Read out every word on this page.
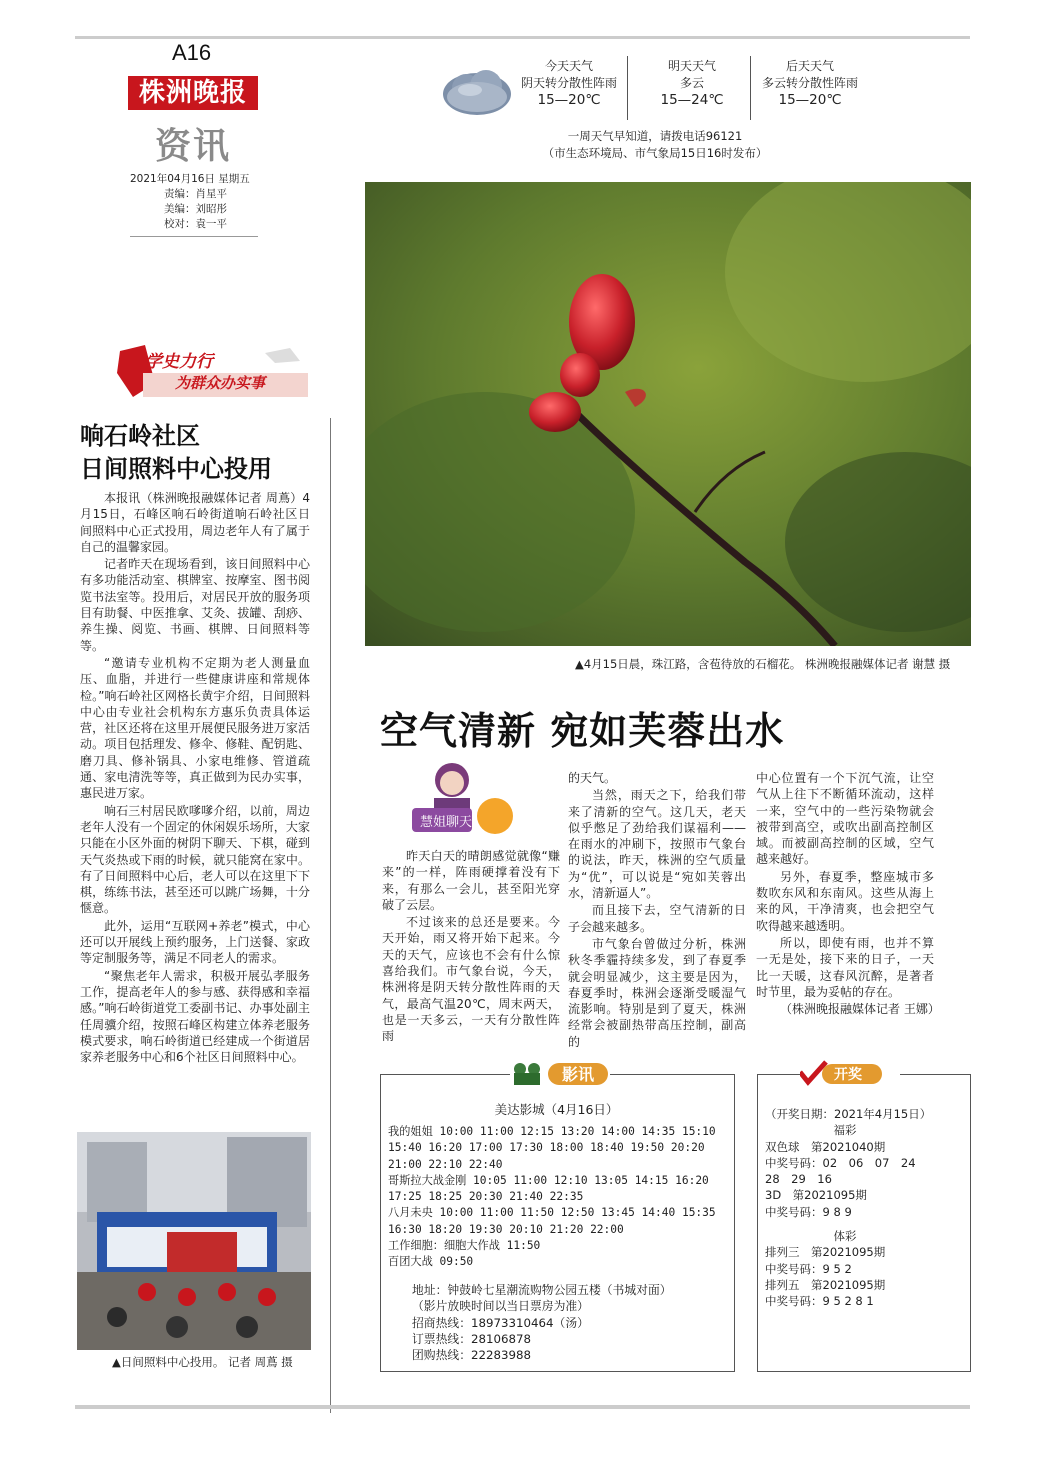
A16
株洲晚报
资讯
2021年04月16日 星期五
责编：肖星平
美编：刘昭彤
校对：袁一平
今天天气
阴天转分散性阵雨
15—20℃
明天天气
多云
15—24℃
后天天气
多云转分散性阵雨
15—20℃
一周天气早知道，请拨电话96121
（市生态环境局、市气象局15日16时发布）
▲4月15日晨，珠江路，含苞待放的石榴花。 株洲晚报融媒体记者 谢慧 摄
空气清新 宛如芙蓉出水
学史力行
为群众办实事
响石岭社区
日间照料中心投用

本报讯（株洲晚报融媒体记者 周蔦）4月15日，石峰区响石岭街道响石岭社区日间照料中心正式投用，周边老年人有了属于自己的温馨家园。

记者昨天在现场看到，该日间照料中心有多功能活动室、棋牌室、按摩室、图书阅览书法室等。投用后，对居民开放的服务项目有助餐、中医推拿、艾灸、拔罐、刮痧、养生操、阅览、书画、棋牌、日间照料等等。

“邀请专业机构不定期为老人测量血压、血脂，并进行一些健康讲座和常规体检。”响石岭社区网格长黄宇介绍，日间照料中心由专业社会机构东方惠乐负责具体运营，社区还将在这里开展便民服务进万家活动。项目包括理发、修伞、修鞋、配钥匙、磨刀具、修补锅具、小家电维修、管道疏通、家电清洗等等，真正做到为民办实事，惠民进万家。

响石三村居民欧嗲嗲介绍，以前，周边老年人没有一个固定的休闲娱乐场所，大家只能在小区外面的树阴下聊天、下棋，碰到天气炎热或下雨的时候，就只能窝在家中。有了日间照料中心后，老人可以在这里下下棋，练练书法，甚至还可以跳广场舞，十分惬意。

此外，运用“互联网+养老”模式，中心还可以开展线上预约服务，上门送餐、家政等定制服务等，满足不同老人的需求。

“聚焦老年人需求，积极开展弘孝服务工作，提高老年人的参与感、获得感和幸福感。”响石岭街道党工委副书记、办事处副主任周骥介绍，按照石峰区构建立体养老服务模式要求，响石岭街道已经建成一个街道居家养老服务中心和6个社区日间照料中心。

▲日间照料中心投用。 记者 周蔦 摄
慧姐聊天

昨天白天的晴朗感觉就像“赚来”的一样，阵雨硬撑着没有下来，有那么一会儿，甚至阳光穿破了云层。

不过该来的总还是要来。今天开始，雨又将开始下起来。今天的天气，应该也不会有什么惊喜给我们。市气象台说，今天，株洲将是阴天转分散性阵雨的天气，最高气温20℃，周末两天，也是一天多云，一天有分散性阵雨

的天气。

当然，雨天之下，给我们带来了清新的空气。这几天，老天似乎憋足了劲给我们谋福利——在雨水的冲刷下，按照市气象台的说法，昨天，株洲的空气质量为“优”，可以说是“宛如芙蓉出水，清新逼人”。

而且接下去，空气清新的日子会越来越多。

市气象台曾做过分析，株洲秋冬季霾持续多发，到了春夏季就会明显减少，这主要是因为，春夏季时，株洲会逐渐受暖湿气流影响。特别是到了夏天，株洲经常会被副热带高压控制，副高的

中心位置有一个下沉气流，让空气从上往下不断循环流动，这样一来，空气中的一些污染物就会被带到高空，或吹出副高控制区域。而被副高控制的区域，空气越来越好。

另外，春夏季，整座城市多数吹东风和东南风。这些从海上来的风，干净清爽，也会把空气吹得越来越透明。

所以，即使有雨，也并不算一无是处，接下来的日子，一天比一天暖，这春风沉醉，是著者时节里，最为妥帖的存在。

（株洲晚报融媒体记者 王娜）

影讯
美达影城（4月16日）
我的姐姐 10:00 11:00 12:15 13:20 14:00 14:35 15:10
15:40 16:20 17:00 17:30 18:00 18:40 19:50 20:20
21:00 22:10 22:40
哥斯拉大战金刚 10:05 11:00 12:10 13:05 14:15 16:20
17:25 18:25 20:30 21:40 22:35
八月未央 10:00 11:00 11:50 12:50 13:45 14:40 15:35
16:30 18:20 19:30 20:10 21:20 22:00
工作细胞：细胞大作战 11:50
百团大战 09:50
地址：钟鼓岭七星潮流购物公园五楼（书城对面）
（影片放映时间以当日票房为准）
招商热线：18973310464（汤）
订票热线：28106878
团购热线：22283988
开奖
（开奖日期：2021年4月15日）
福彩
双色球　第2021040期
中奖号码：02　06　07　24
28　29　16
3D　第2021095期
中奖号码：9 8 9
体彩
排列三　第2021095期
中奖号码：9 5 2
排列五　第2021095期
中奖号码：9 5 2 8 1
